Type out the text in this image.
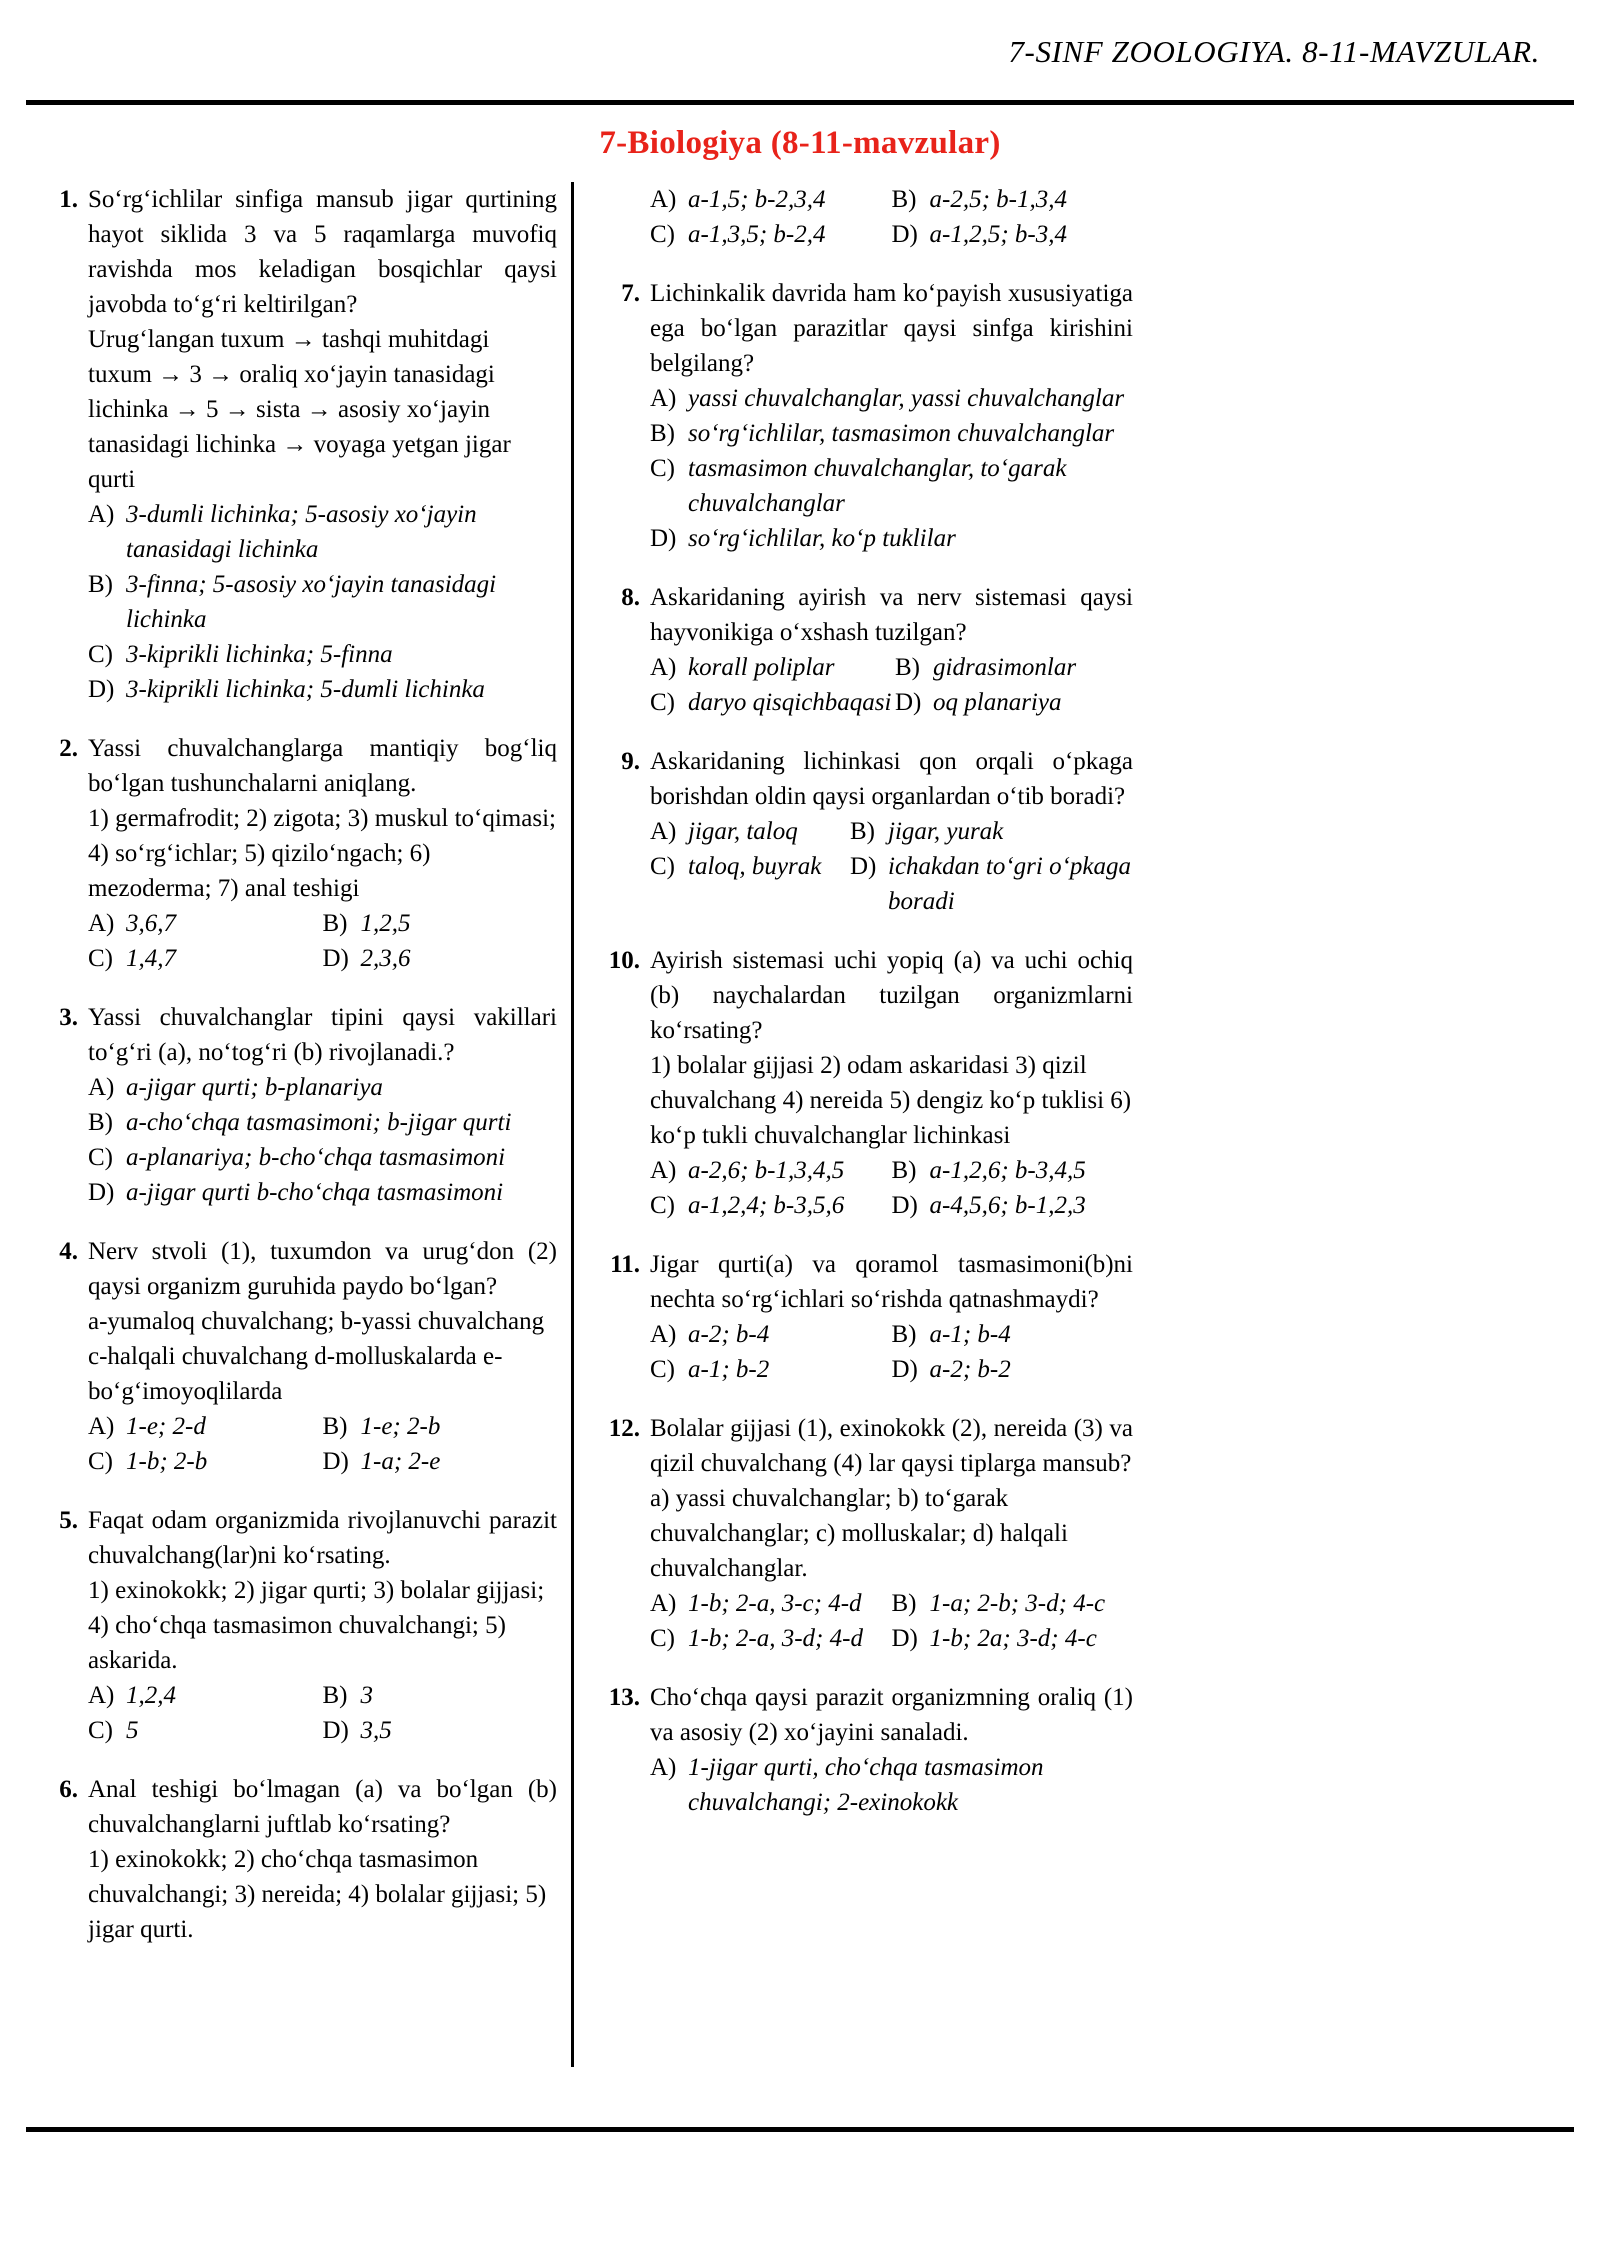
7-SINF ZOOLOGIYA. 8-11-MAVZULAR.
7-Biologiya (8-11-mavzular)
1. So‘rg‘ichlilar sinfiga mansub jigar qurtining hayot siklida 3 va 5 raqamlarga muvofiq ravishda mos keladigan bosqichlar qaysi javobda to‘g‘ri keltirilgan?
Urug‘langan tuxum → tashqi muhitdagi tuxum → 3 → oraliq xo‘jayin tanasidagi lichinka → 5 → sista → asosiy xo‘jayin tanasidagi lichinka → voyaga yetgan jigar qurti
A) 3-dumli lichinka; 5-asosiy xo‘jayin tanasidagi lichinka
B) 3-finna; 5-asosiy xo‘jayin tanasidagi lichinka
C) 3-kiprikli lichinka; 5-finna
D) 3-kiprikli lichinka; 5-dumli lichinka
2. Yassi chuvalchanglarga mantiqiy bog‘liq bo‘lgan tushunchalarni aniqlang.
1) germafrodit; 2) zigota; 3) muskul to‘qimasi; 4) so‘rg‘ichlar; 5) qizilo‘ngach; 6) mezoderma; 7) anal teshigi
A) 3,6,7	B) 1,2,5
C) 1,4,7	D) 2,3,6
3. Yassi chuvalchanglar tipini qaysi vakillari to‘g‘ri (a), no‘tog‘ri (b) rivojlanadi.?
A) a-jigar qurti; b-planariya
B) a-cho‘chqa tasmasimoni; b-jigar qurti
C) a-planariya; b-cho‘chqa tasmasimoni
D) a-jigar qurti b-cho‘chqa tasmasimoni
4. Nerv stvoli (1), tuxumdon va urug‘don (2) qaysi organizm guruhida paydo bo‘lgan?
a-yumaloq chuvalchang; b-yassi chuvalchang c-halqali chuvalchang d-molluskalarda e-bo‘g‘imoyoqlilarda
A) 1-e; 2-d	B) 1-e; 2-b
C) 1-b; 2-b	D) 1-a; 2-e
5. Faqat odam organizmida rivojlanuvchi parazit chuvalchang(lar)ni ko‘rsating.
1) exinokokk; 2) jigar qurti; 3) bolalar gijjasi; 4) cho‘chqa tasmasimon chuvalchangi; 5) askarida.
A) 1,2,4	B) 3
C) 5	D) 3,5
6. Anal teshigi bo‘lmagan (a) va bo‘lgan (b) chuvalchanglarni juftlab ko‘rsating?
1) exinokokk; 2) cho‘chqa tasmasimon chuvalchangi; 3) nereida; 4) bolalar gijjasi; 5) jigar qurti.
A) a-1,5; b-2,3,4	B) a-2,5; b-1,3,4
C) a-1,3,5; b-2,4	D) a-1,2,5; b-3,4
7. Lichinkalik davrida ham ko‘payish xususiyatiga ega bo‘lgan parazitlar qaysi sinfga kirishini belgilang?
A) yassi chuvalchanglar, yassi chuvalchanglar
B) so‘rg‘ichlilar, tasmasimon chuvalchanglar
C) tasmasimon chuvalchanglar, to‘garak chuvalchanglar
D) so‘rg‘ichlilar, ko‘p tuklilar
8. Askaridaning ayirish va nerv sistemasi qaysi hayvonikiga o‘xshash tuzilgan?
A) korall poliplar	B) gidrasimonlar
C) daryo qisqichbaqasi D) oq planariya
9. Askaridaning lichinkasi qon orqali o‘pkaga borishdan oldin qaysi organlardan o‘tib boradi?
A) jigar, taloq	B) jigar, yurak
C) taloq, buyrak	D) ichakdan to‘gri o‘pkaga boradi
10. Ayirish sistemasi uchi yopiq (a) va uchi ochiq (b) naychalardan tuzilgan organizmlarni ko‘rsating?
1) bolalar gijjasi 2) odam askaridasi 3) qizil chuvalchang 4) nereida 5) dengiz ko‘p tuklisi 6) ko‘p tukli chuvalchanglar lichinkasi
A) a-2,6; b-1,3,4,5	B) a-1,2,6; b-3,4,5
C) a-1,2,4; b-3,5,6	D) a-4,5,6; b-1,2,3
11. Jigar qurti(a) va qoramol tasmasimoni(b)ni nechta so‘rg‘ichlari so‘rishda qatnashmaydi?
A) a-2; b-4	B) a-1; b-4
C) a-1; b-2	D) a-2; b-2
12. Bolalar gijjasi (1), exinokokk (2), nereida (3) va qizil chuvalchang (4) lar qaysi tiplarga mansub?
a) yassi chuvalchanglar; b) to‘garak chuvalchanglar; c) molluskalar; d) halqali chuvalchanglar.
A) 1-b; 2-a, 3-c; 4-d	B) 1-a; 2-b; 3-d; 4-c
C) 1-b; 2-a, 3-d; 4-d	D) 1-b; 2a; 3-d; 4-c
13. Cho‘chqa qaysi parazit organizmning oraliq (1) va asosiy (2) xo‘jayini sanaladi.
A) 1-jigar qurti, cho‘chqa tasmasimon chuvalchangi; 2-exinokokk
